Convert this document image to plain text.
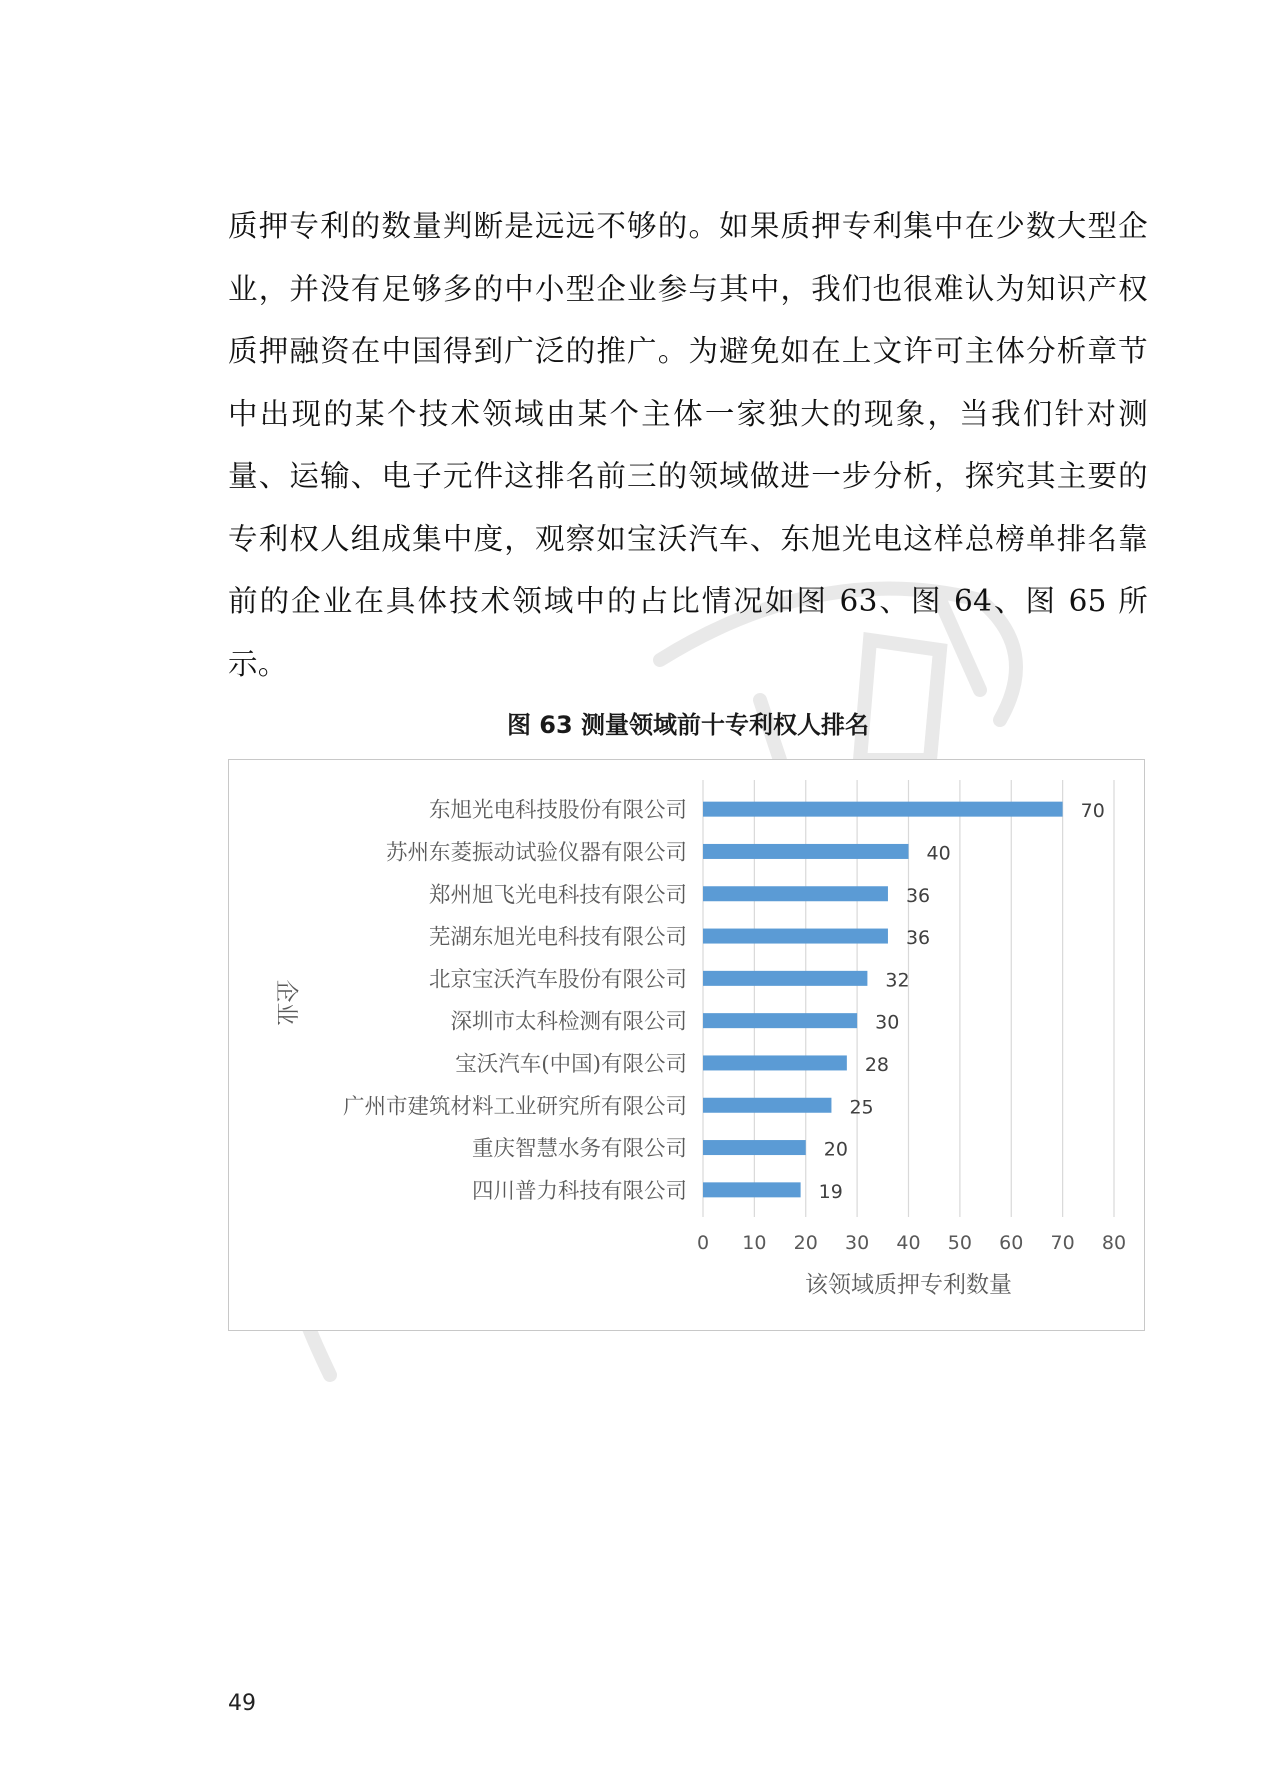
质押专利的数量判断是远远不够的。如果质押专利集中在少数大型企业，并没有足够多的中小型企业参与其中，我们也很难认为知识产权质押融资在中国得到广泛的推广。为避免如在上文许可主体分析章节中出现的某个技术领域由某个主体一家独大的现象，当我们针对测量、运输、电子元件这排名前三的领域做进一步分析，探究其主要的专利权人组成集中度，观察如宝沃汽车、东旭光电这样总榜单排名靠前的企业在具体技术领域中的占比情况如图 63、图 64、图 65 所示。

图 63 测量领域前十专利权人排名
0 10 20 30 40 50 60 70 80
东旭光电科技股份有限公司	70
苏州东菱振动试验仪器有限公司	40
郑州旭飞光电科技有限公司	36
芜湖东旭光电科技有限公司	36
北京宝沃汽车股份有限公司	32
深圳市太科检测有限公司	30
宝沃汽车(中国)有限公司	28
广州市建筑材料工业研究所有限公司	25
重庆智慧水务有限公司	20
四川普力科技有限公司	19
该领域质押专利数量
企业
49
